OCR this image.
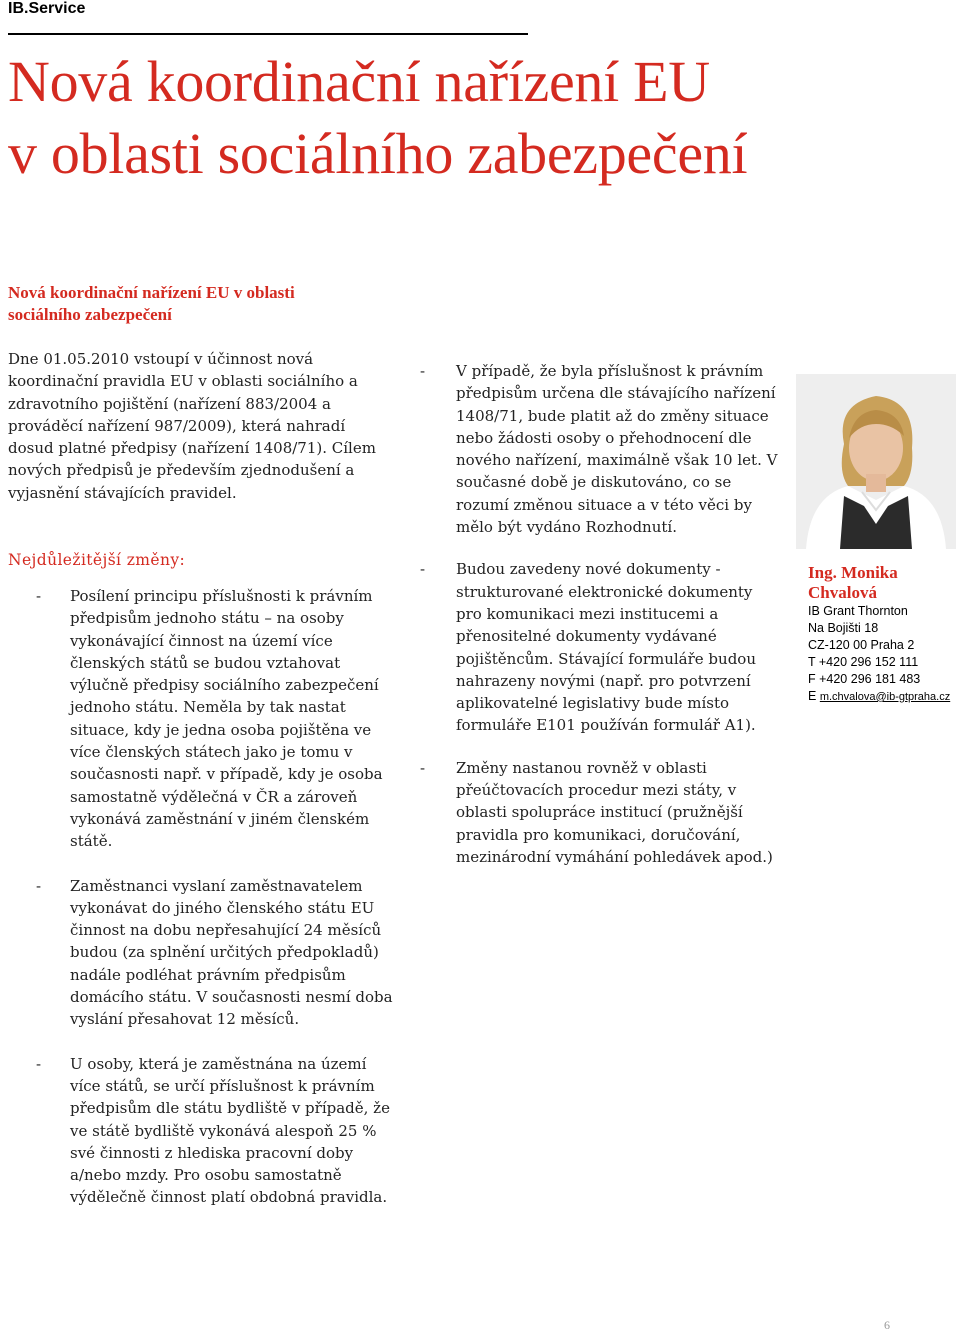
IB.Service
Nová koordinační nařízení EU
v oblasti sociálního zabezpečení
Nová koordinační nařízení EU v oblasti sociálního zabezpečení

Dne 01.05.2010 vstoupí v účinnost nová koordinační pravidla EU v oblasti sociálního a zdravotního pojištění (nařízení 883/2004 a prováděcí nařízení 987/2009), která nahradí dosud platné předpisy (nařízení 1408/71). Cílem nových předpisů je především zjednodušení a vyjasnění stávajících pravidel.

Nejdůležitější změny:
- Posílení principu příslušnosti k právním předpisům jednoho státu – na osoby vykonávající činnost na území více členských států se budou vztahovat výlučně předpisy sociálního zabezpečení jednoho státu. Neměla by tak nastat situace, kdy je jedna osoba pojištěna ve více členských státech jako je tomu v současnosti např. v případě, kdy je osoba samostatně výdělečná v ČR a zároveň vykonává zaměstnání v jiném členském státě.
- Zaměstnanci vyslaní zaměstnavatelem vykonávat do jiného členského státu EU činnost na dobu nepřesahující 24 měsíců budou (za splnění určitých předpokladů) nadále podléhat právním předpisům domácího státu. V současnosti nesmí doba vyslání přesahovat 12 měsíců.
- U osoby, která je zaměstnána na území více států, se určí příslušnost k právním předpisům dle státu bydliště v případě, že ve státě bydliště vykonává alespoň 25 % své činnosti z hlediska pracovní doby a/nebo mzdy. Pro osobu samostatně výdělečně činnost platí obdobná pravidla.
- V případě, že byla příslušnost k právním předpisům určena dle stávajícího nařízení 1408/71, bude platit až do změny situace nebo žádosti osoby o přehodnocení dle nového nařízení, maximálně však 10 let. V současné době je diskutováno, co se rozumí změnou situace a v této věci by mělo být vydáno Rozhodnutí.
- Budou zavedeny nové dokumenty - strukturované elektronické dokumenty pro komunikaci mezi institucemi a přenositelné dokumenty vydávané pojištěncům. Stávající formuláře budou nahrazeny novými (např. pro potvrzení aplikovatelné legislativy bude místo formuláře E101 používán formulář A1).
- Změny nastanou rovněž v oblasti přeúčtovacích procedur mezi státy, v oblasti spolupráce institucí (pružnější pravidla pro komunikaci, doručování, mezinárodní vymáhání pohledávek apod.)
Ing. Monika
Chvalová
IB Grant Thornton
Na Bojišti 18
CZ-120 00 Praha 2
T +420 296 152 111
F +420 296 181 483
E m.chvalova@ib-gtpraha.cz
6
